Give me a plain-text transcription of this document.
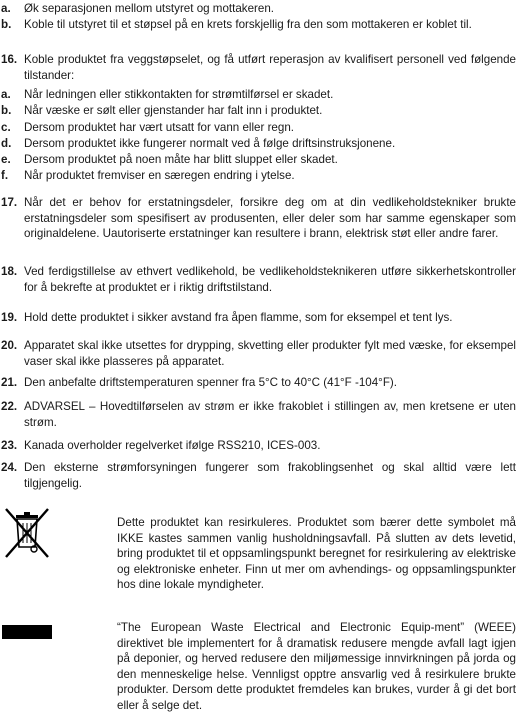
a. Øk separasjonen mellom utstyret og mottakeren.
b. Koble til utstyret til et støpsel på en krets forskjellig fra den som mottakeren er koblet til.
16. Koble produktet fra veggstøpselet, og få utført reperasjon av kvalifisert personell ved følgende tilstander:
a. Når ledningen eller stikkontakten for strømtilførsel er skadet.
b. Når væske er sølt eller gjenstander har falt inn i produktet.
c. Dersom produktet har vært utsatt for vann eller regn.
d. Dersom produktet ikke fungerer normalt ved å følge driftsinstruksjonene.
e. Dersom produktet på noen måte har blitt sluppet eller skadet.
f. Når produktet fremviser en særegen endring i ytelse.
17. Når det er behov for erstatningsdeler, forsikre deg om at din vedlikeholdstekniker brukte erstatningsdeler som spesifisert av produsenten, eller deler som har samme egenskaper som originaldelene. Uautoriserte erstatninger kan resultere i brann, elektrisk støt eller andre farer.
18. Ved ferdigstillelse av ethvert vedlikehold, be vedlikeholdsteknikeren utføre sikkerhetskontroller for å bekrefte at produktet er i riktig driftstilstand.
19. Hold dette produktet i sikker avstand fra åpen flamme, som for eksempel et tent lys.
20. Apparatet skal ikke utsettes for drypping, skvetting eller produkter fylt med væske, for eksempel vaser skal ikke plasseres på apparatet.
21. Den anbefalte driftstemperaturen spenner fra 5°C to 40°C (41°F -104°F).
22. ADVARSEL – Hovedtilførselen av strøm er ikke frakoblet i stillingen av, men kretsene er uten strøm.
23. Kanada overholder regelverket ifølge RSS210, ICES-003.
24. Den eksterne strømforsyningen fungerer som frakoblingsenhet og skal alltid være lett tilgjengelig.
Dette produktet kan resirkuleres. Produktet som bærer dette symbolet må IKKE kastes sammen vanlig husholdningsavfall. På slutten av dets levetid, bring produktet til et oppsamlingspunkt beregnet for resirkulering av elektriske og elektroniske enheter. Finn ut mer om avhendings- og oppsamlingspunkter hos dine lokale myndigheter.
“The European Waste Electrical and Electronic Equip-ment” (WEEE) direktivet ble implementert for å dramatisk redusere mengde avfall lagt igjen på deponier, og herved redusere den miljømessige innvirkningen på jorda og den menneskelige helse. Vennligst opptre ansvarlig ved å resirkulere brukte produkter. Dersom dette produktet fremdeles kan brukes, vurder å gi det bort eller å selge det.
